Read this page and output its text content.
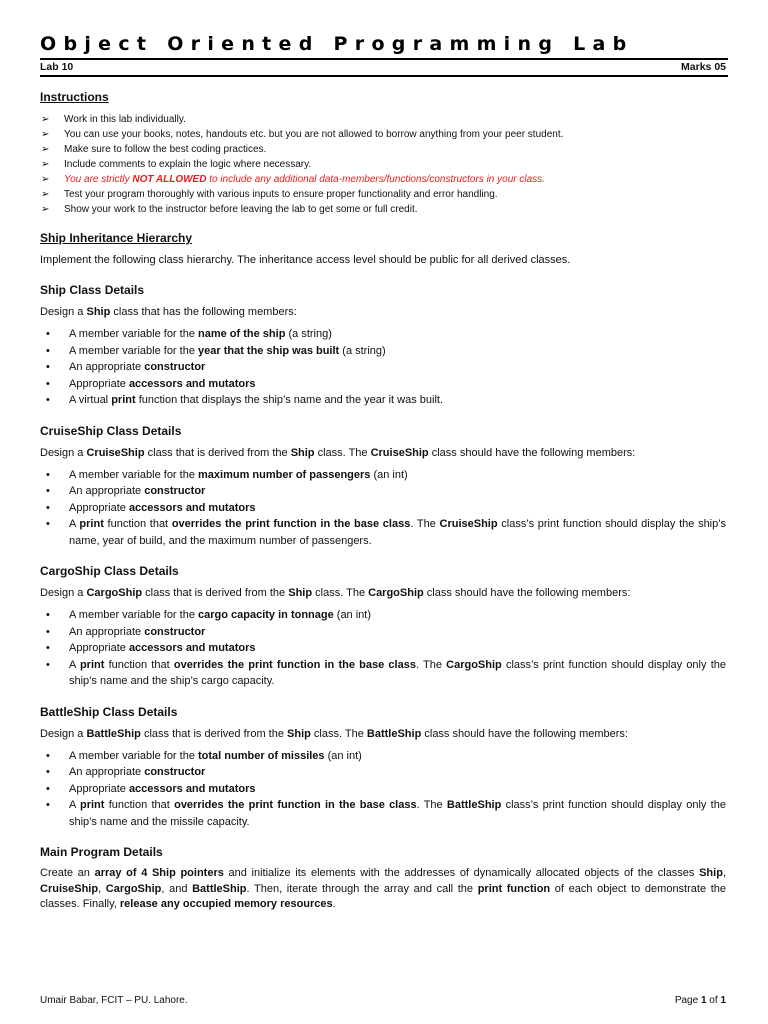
Object Oriented Programming Lab
Lab 10	Marks 05
Instructions
➢ Work in this lab individually.
➢ You can use your books, notes, handouts etc. but you are not allowed to borrow anything from your peer student.
➢ Make sure to follow the best coding practices.
➢ Include comments to explain the logic where necessary.
➢ You are strictly NOT ALLOWED to include any additional data-members/functions/constructors in your class.
➢ Test your program thoroughly with various inputs to ensure proper functionality and error handling.
➢ Show your work to the instructor before leaving the lab to get some or full credit.
Ship Inheritance Hierarchy

Implement the following class hierarchy. The inheritance access level should be public for all derived classes.

Ship Class Details

Design a Ship class that has the following members:

• A member variable for the name of the ship (a string)
• A member variable for the year that the ship was built (a string)
• An appropriate constructor
• Appropriate accessors and mutators
• A virtual print function that displays the ship’s name and the year it was built.
CruiseShip Class Details

Design a CruiseShip class that is derived from the Ship class. The CruiseShip class should have the following members:

• A member variable for the maximum number of passengers (an int)
• An appropriate constructor
• Appropriate accessors and mutators
• A print function that overrides the print function in the base class. The CruiseShip class’s print function should display the ship’s name, year of build, and the maximum number of passengers.
CargoShip Class Details

Design a CargoShip class that is derived from the Ship class. The CargoShip class should have the following members:

• A member variable for the cargo capacity in tonnage (an int)
• An appropriate constructor
• Appropriate accessors and mutators
• A print function that overrides the print function in the base class. The CargoShip class’s print function should display only the ship’s name and the ship’s cargo capacity.
BattleShip Class Details

Design a BattleShip class that is derived from the Ship class. The BattleShip class should have the following members:

• A member variable for the total number of missiles (an int)
• An appropriate constructor
• Appropriate accessors and mutators
• A print function that overrides the print function in the base class. The BattleShip class’s print function should display only the ship’s name and the missile capacity.
Main Program Details

Create an array of 4 Ship pointers and initialize its elements with the addresses of dynamically allocated objects of the classes Ship, CruiseShip, CargoShip, and BattleShip. Then, iterate through the array and call the print function of each object to demonstrate the classes. Finally, release any occupied memory resources.

Umair Babar, FCIT – PU. Lahore.	Page 1 of 1
